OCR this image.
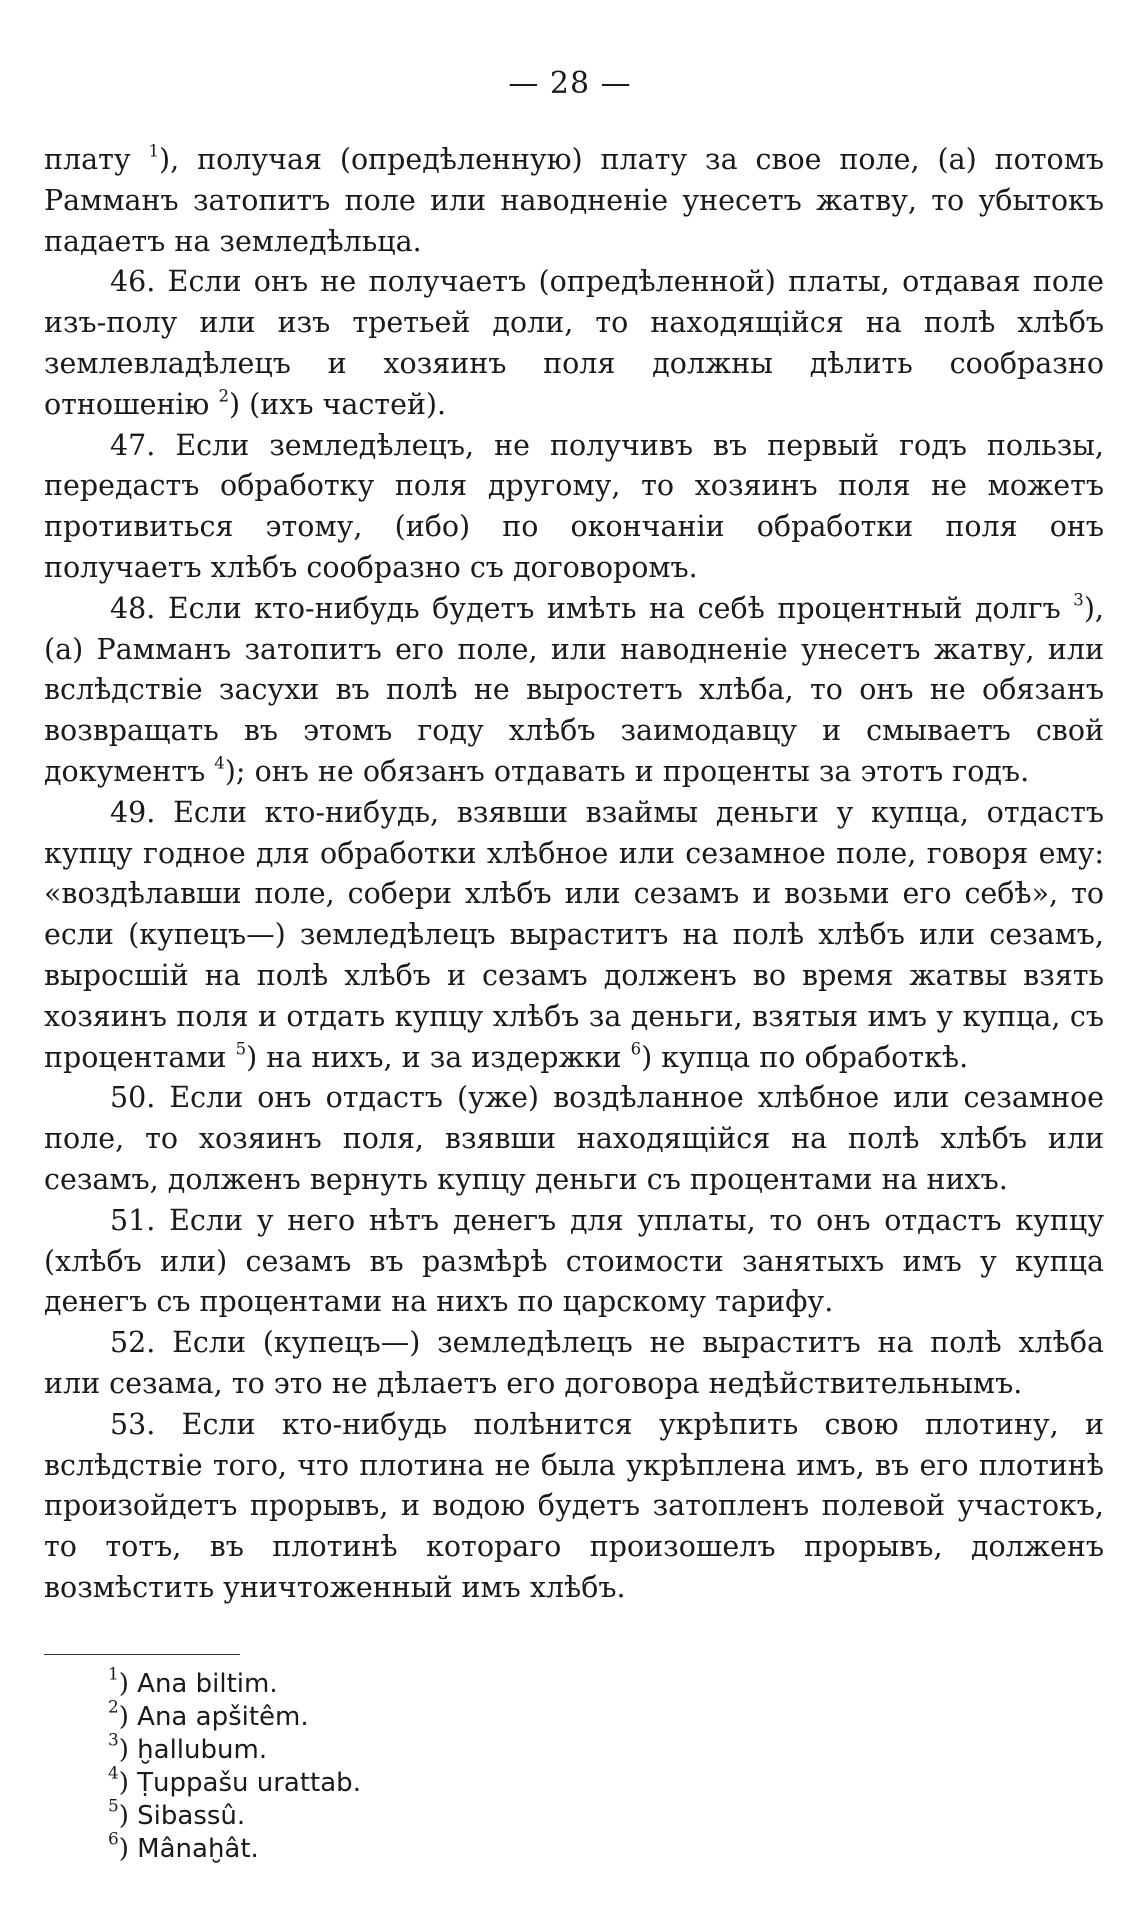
— 28 —

плату $^1$), получая (опредѣленную) плату за свое поле, (а) потомъ Рамманъ затопитъ поле или наводненіе унесетъ жатву, то убытокъ падаетъ на земледѣльца.

46. Если онъ не получаетъ (опредѣленной) платы, отдавая поле изъ-полу или изъ третьей доли, то находящійся на полѣ хлѣбъ землевладѣлецъ и хозяинъ поля должны дѣлить сообразно отношенію $^2$) (ихъ частей).

47. Если земледѣлецъ, не получивъ въ первый годъ пользы, передастъ обработку поля другому, то хозяинъ поля не можетъ противиться этому, (ибо) по окончаніи обработки поля онъ получаетъ хлѣбъ сообразно съ договоромъ.

48. Если кто-нибудь будетъ имѣть на себѣ процентный долгъ $^3$), (а) Рамманъ затопитъ его поле, или наводненіе унесетъ жатву, или вслѣдствіе засухи въ полѣ не выростетъ хлѣба, то онъ не обязанъ возвращать въ этомъ году хлѣбъ заимодавцу и смываетъ свой документъ $^4$); онъ не обязанъ отдавать и проценты за этотъ годъ.

49. Если кто-нибудь, взявши взаймы деньги у купца, отдастъ купцу годное для обработки хлѣбное или сезамное поле, говоря ему: «воздѣлавши поле, собери хлѣбъ или сезамъ и возьми его себѣ», то если (купецъ—) земледѣлецъ выраститъ на полѣ хлѣбъ или сезамъ, выросшій на полѣ хлѣбъ и сезамъ долженъ во время жатвы взять хозяинъ поля и отдать купцу хлѣбъ за деньги, взятыя имъ у купца, съ процентами $^5$) на нихъ, и за издержки $^6$) купца по обработкѣ.

50. Если онъ отдастъ (уже) воздѣланное хлѣбное или сезамное поле, то хозяинъ поля, взявши находящійся на полѣ хлѣбъ или сезамъ, долженъ вернуть купцу деньги съ процентами на нихъ.

51. Если у него нѣтъ денегъ для уплаты, то онъ отдастъ купцу (хлѣбъ или) сезамъ въ размѣрѣ стоимости занятыхъ имъ у купца денегъ съ процентами на нихъ по царскому тарифу.

52. Если (купецъ—) земледѣлецъ не выраститъ на полѣ хлѣба или сезама, то это не дѣлаетъ его договора недѣйствительнымъ.

53. Если кто-нибудь полѣнится укрѣпить свою плотину, и вслѣдствіе того, что плотина не была укрѣплена имъ, въ его плотинѣ произойдетъ прорывъ, и водою будетъ затопленъ полевой участокъ, то тотъ, въ плотинѣ котораго произошелъ прорывъ, долженъ возмѣстить уничтоженный имъ хлѣбъ.

$^1$) Ana biltim.
$^2$) Ana apšitêm.
$^3$) ḫallubum.
$^4$) Ṭuppašu urattab.
$^5$) Sibassû.
$^6$) Mânaḫât.
